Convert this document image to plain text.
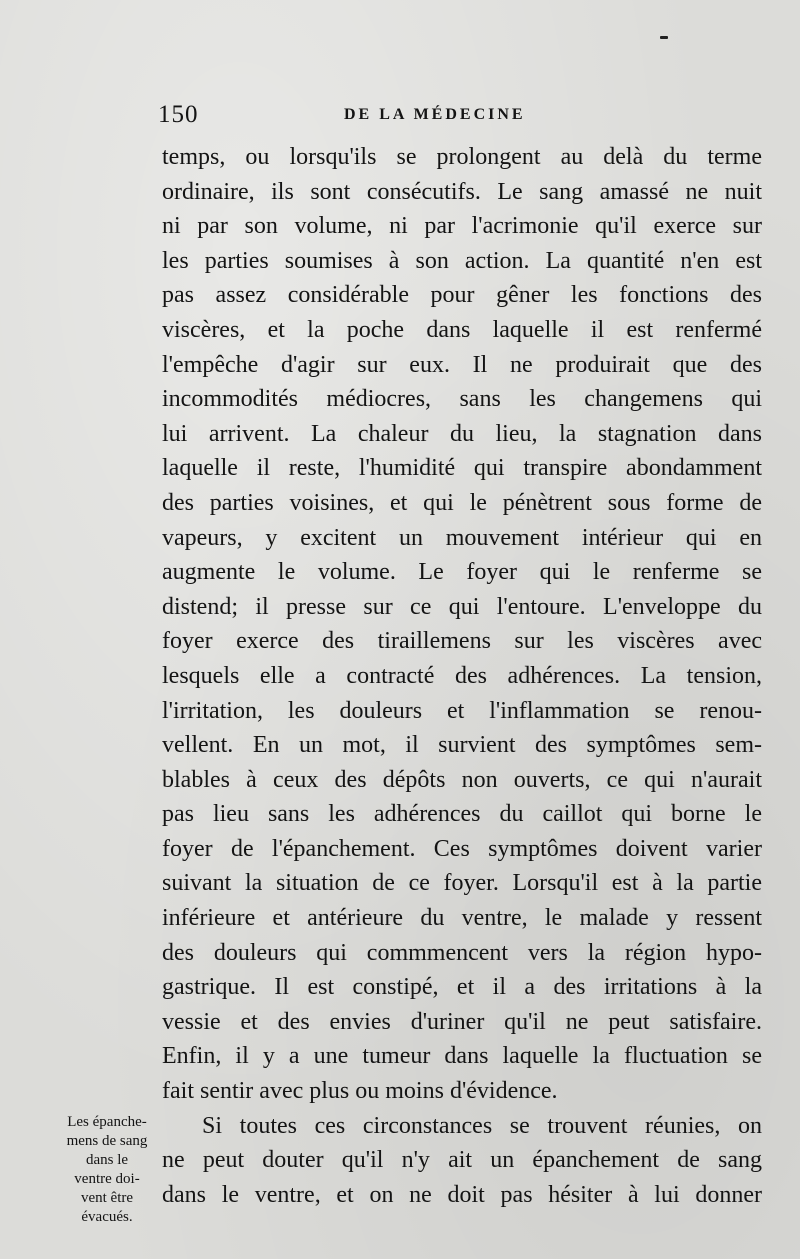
150	DE LA MÉDECINE
temps, ou lorsqu'ils se prolongent au delà du terme
ordinaire, ils sont consécutifs. Le sang amassé ne nuit
ni par son volume, ni par l'acrimonie qu'il exerce sur
les parties soumises à son action. La quantité n'en est
pas assez considérable pour gêner les fonctions des
viscères, et la poche dans laquelle il est renfermé
l'empêche d'agir sur eux. Il ne produirait que des
incommodités médiocres, sans les changemens qui
lui arrivent. La chaleur du lieu, la stagnation dans
laquelle il reste, l'humidité qui transpire abondamment
des parties voisines, et qui le pénètrent sous forme de
vapeurs, y excitent un mouvement intérieur qui en
augmente le volume. Le foyer qui le renferme se
distend; il presse sur ce qui l'entoure. L'enveloppe du
foyer exerce des tiraillemens sur les viscères avec
lesquels elle a contracté des adhérences. La tension,
l'irritation, les douleurs et l'inflammation se renou-
vellent. En un mot, il survient des symptômes sem-
blables à ceux des dépôts non ouverts, ce qui n'aurait
pas lieu sans les adhérences du caillot qui borne le
foyer de l'épanchement. Ces symptômes doivent varier
suivant la situation de ce foyer. Lorsqu'il est à la partie
inférieure et antérieure du ventre, le malade y ressent
des douleurs qui commmencent vers la région hypo-
gastrique. Il est constipé, et il a des irritations à la
vessie et des envies d'uriner qu'il ne peut satisfaire.
Enfin, il y a une tumeur dans laquelle la fluctuation se
fait sentir avec plus ou moins d'évidence.
Si toutes ces circonstances se trouvent réunies, on
ne peut douter qu'il n'y ait un épanchement de sang
dans le ventre, et on ne doit pas hésiter à lui donner
Les épanche-
mens de sang
dans le
ventre doi-
vent être
évacués.
